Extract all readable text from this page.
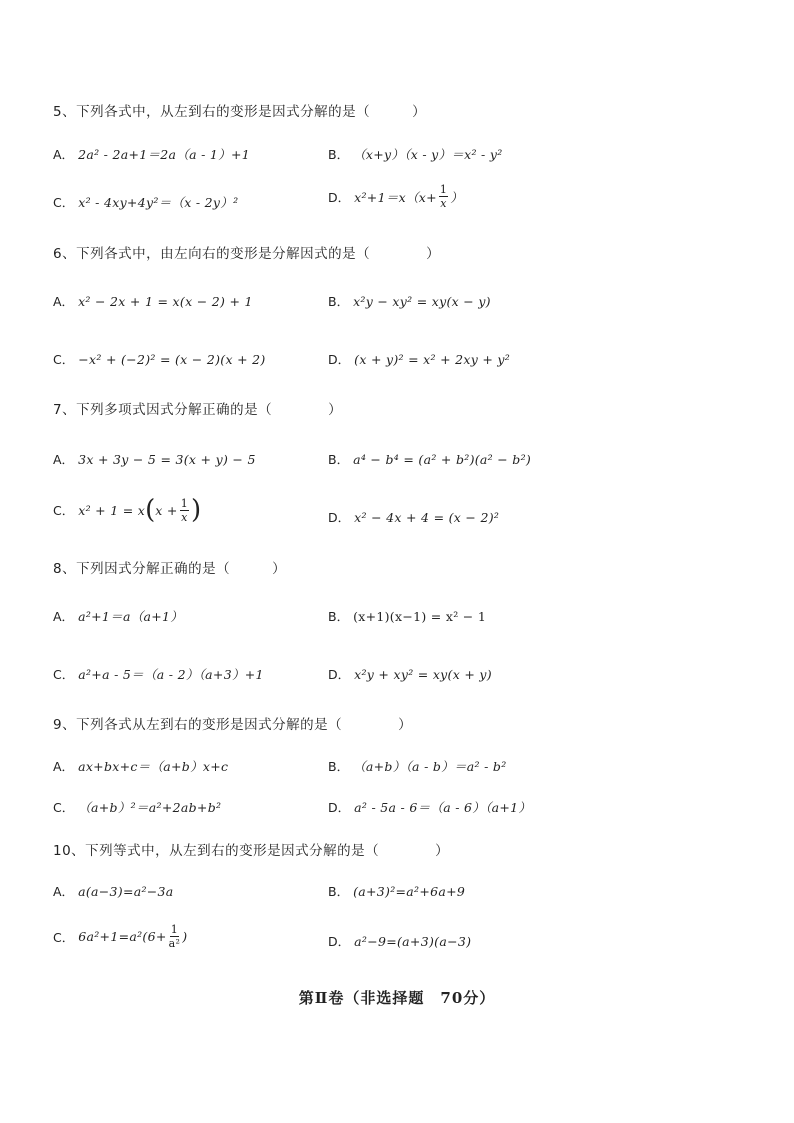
5、下列各式中，从左到右的变形是因式分解的是（　　　）
A． 2a² - 2a+1＝2a（a - 1）+1	B． （x+y）（x - y）＝x² - y²
C． x² - 4xy+4y²＝（x - 2y）²	D． $x^2+1=x(x+ \frac{1}{x}$ ）
6、下列各式中，由左向右的变形是分解因式的是（　　　　）
A． x² − 2x + 1 = x(x − 2) + 1	B． x²y − xy² = xy(x − y)
C． −x² + (−2)² = (x − 2)(x + 2)	D． (x + y)² = x² + 2xy + y²
7、下列多项式因式分解正确的是（　　　　）
A． 3x + 3y − 5 = 3(x + y) − 5	B． a⁴ − b⁴ = (a² + b²)(a² − b²)
C． x² + 1 = x ( $x + \frac{1}{x}$ )	D． x² − 4x + 4 = (x − 2)²
8、下列因式分解正确的是（　　　）
A． a²+1＝a（a+1）	B． (x+1)(x−1) = x² − 1
C． a²+a - 5＝（a - 2）（a+3）+1	D． x²y + xy² = xy(x + y)
9、下列各式从左到右的变形是因式分解的是（　　　　）
A． ax+bx+c＝（a+b）x+c	B． （a+b）（a - b）＝a² - b²
C． （a+b）²＝a²+2ab+b²	D． a² - 5a - 6＝（a - 6）（a+1）
10、下列等式中，从左到右的变形是因式分解的是（　　　　）
A． a(a−3)=a²−3a	B． (a+3)²=a²+6a+9
C． $6a^2+1=a^2(6+ \frac{1}{\text{a²}}$ )	D． a²−9=(a+3)(a−3)
第Ⅱ卷（非选择题　70分）
